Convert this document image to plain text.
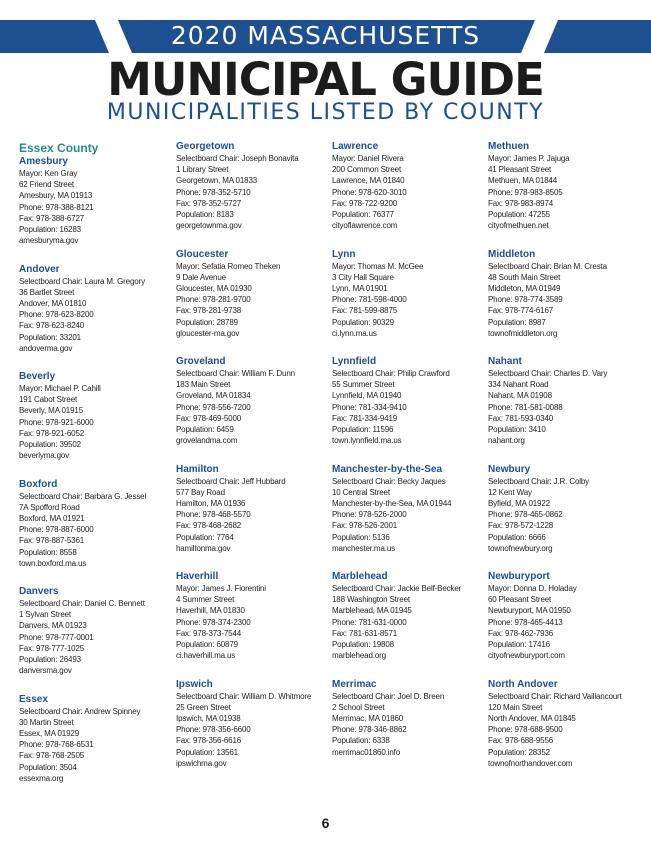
2020 MASSACHUSETTS
MUNICIPAL GUIDE
MUNICIPALITIES LISTED BY COUNTY
Essex County
Amesbury
Mayor: Ken Gray
62 Friend Street
Amesbury, MA 01913
Phone: 978-388-8121
Fax: 978-388-6727
Population: 16283
amesburyma.gov
Andover
Selectboard Chair: Laura M. Gregory
36 Bartlet Street
Andover, MA 01810
Phone: 978-623-8200
Fax: 978-623-8240
Population: 33201
andoverma.gov
Beverly
Mayor: Michael P. Cahill
191 Cabot Street
Beverly, MA 01915
Phone: 978-921-6000
Fax: 978-921-6052
Population: 39502
beverlyma.gov
Boxford
Selectboard Chair: Barbara G. Jessel
7A Spofford Road
Boxford, MA 01921
Phone: 978-887-6000
Fax: 978-887-5361
Population: 8558
town.boxford.ma.us
Danvers
Selectboard Chair: Daniel C. Bennett
1 Sylvan Street
Danvers, MA 01923
Phone: 978-777-0001
Fax: 978-777-1025
Population: 26493
danversma.gov
Essex
Selectboard Chair: Andrew Spinney
30 Martin Street
Essex, MA 01929
Phone: 978-768-6531
Fax: 978-768-2505
Population: 3504
essexma.org
Georgetown
Selectboard Chair: Joseph Bonavita
1 Library Street
Georgetown, MA 01833
Phone: 978-352-5710
Fax: 978-352-5727
Population: 8183
georgetownma.gov
Gloucester
Mayor: Sefatia Romeo Theken
9 Dale Avenue
Gloucester, MA 01930
Phone: 978-281-9700
Fax: 978-281-9738
Population: 28789
gloucester-ma.gov
Groveland
Selectboard Chair: William F. Dunn
183 Main Street
Groveland, MA 01834
Phone: 978-556-7200
Fax: 978-469-5000
Population: 6459
grovelandma.com
Hamilton
Selectboard Chair: Jeff Hubbard
577 Bay Road
Hamilton, MA 01936
Phone: 978-468-5570
Fax: 978-468-2682
Population: 7764
hamiltonma.gov
Haverhill
Mayor: James J. Fiorentini
4 Summer Street
Haverhill, MA 01830
Phone: 978-374-2300
Fax: 978-373-7544
Population: 60879
ci.haverhill.ma.us
Ipswich
Selectboard Chair: William D. Whitmore
25 Green Street
Ipswich, MA 01938
Phone: 978-356-6600
Fax: 978-356-6616
Population: 13561
ipswichma.gov
Lawrence
Mayor: Daniel Rivera
200 Common Street
Lawrence, MA 01840
Phone: 978-620-3010
Fax: 978-722-9200
Population: 76377
cityoflawrence.com
Lynn
Mayor: Thomas M. McGee
3 City Hall Square
Lynn, MA 01901
Phone: 781-598-4000
Fax: 781-599-8875
Population: 90329
ci.lynn.ma.us
Lynnfield
Selectboard Chair: Philip Crawford
55 Summer Street
Lynnfield, MA 01940
Phone: 781-334-9410
Fax: 781-334-9419
Population: 11596
town.lynnfield.ma.us
Manchester-by-the-Sea
Selectboard Chair: Becky Jaques
10 Central Street
Manchester-by-the-Sea, MA 01944
Phone: 978-526-2000
Fax: 978-526-2001
Population: 5136
manchester.ma.us
Marblehead
Selectboard Chair: Jackie Belf-Becker
188 Washington Street
Marblehead, MA 01945
Phone: 781-631-0000
Fax: 781-631-8571
Population: 19808
marblehead.org
Merrimac
Selectboard Chair: Joel D. Breen
2 School Street
Merrimac, MA 01860
Phone: 978-346-8862
Population: 6338
merrimac01860.info
Methuen
Mayor: James P. Jajuga
41 Pleasant Street
Methuen, MA 01844
Phone: 978-983-8505
Fax: 978-983-8974
Population: 47255
cityofmethuen.net
Middleton
Selectboard Chair: Brian M. Cresta
48 South Main Street
Middleton, MA 01949
Phone: 978-774-3589
Fax: 978-774-6167
Population: 8987
townofmiddleton.org
Nahant
Selectboard Chair: Charles D. Vary
334 Nahant Road
Nahant, MA 01908
Phone: 781-581-0088
Fax: 781-593-0340
Population: 3410
nahant.org
Newbury
Selectboard Chair: J.R. Colby
12 Kent Way
Byfield, MA 01922
Phone: 978-465-0862
Fax: 978-572-1228
Population: 6666
townofnewbury.org
Newburyport
Mayor: Donna D. Holaday
60 Pleasant Street
Newburyport, MA 01950
Phone: 978-465-4413
Fax: 978-462-7936
Population: 17416
cityofnewburyport.com
North Andover
Selectboard Chair: Richard Vaillancourt
120 Main Street
North Andover, MA 01845
Phone: 978-688-9500
Fax: 978-688-9556
Population: 28352
townofnorthandover.com
6
